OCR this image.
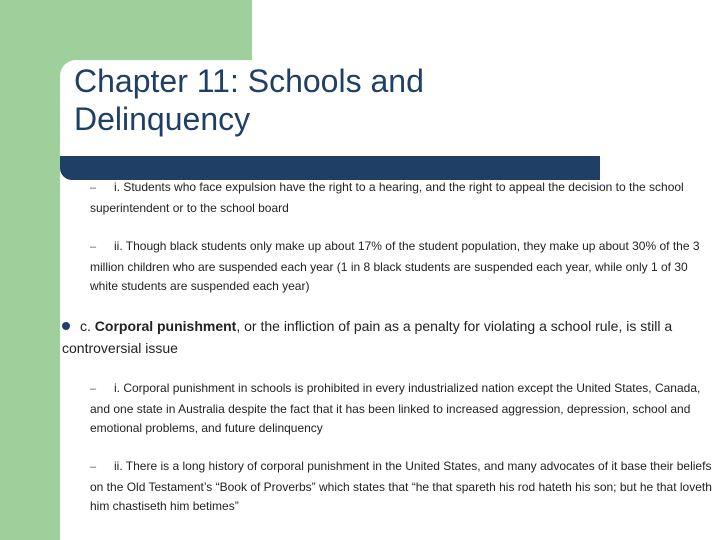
Chapter 11: Schools and
Delinquency
– i. Students who face expulsion have the right to a hearing, and the right to appeal the decision to the school superintendent or to the school board
– ii. Though black students only make up about 17% of the student population, they make up about 30% of the 3 million children who are suspended each year (1 in 8 black students are suspended each year, while only 1 of 30 white students are suspended each year)
c. Corporal punishment, or the infliction of pain as a penalty for violating a school rule, is still a controversial issue
– i. Corporal punishment in schools is prohibited in every industrialized nation except the United States, Canada, and one state in Australia despite the fact that it has been linked to increased aggression, depression, school and emotional problems, and future delinquency
– ii. There is a long history of corporal punishment in the United States, and many advocates of it base their beliefs on the Old Testament’s “Book of Proverbs” which states that “he that spareth his rod hateth his son; but he that loveth him chastiseth him betimes”
